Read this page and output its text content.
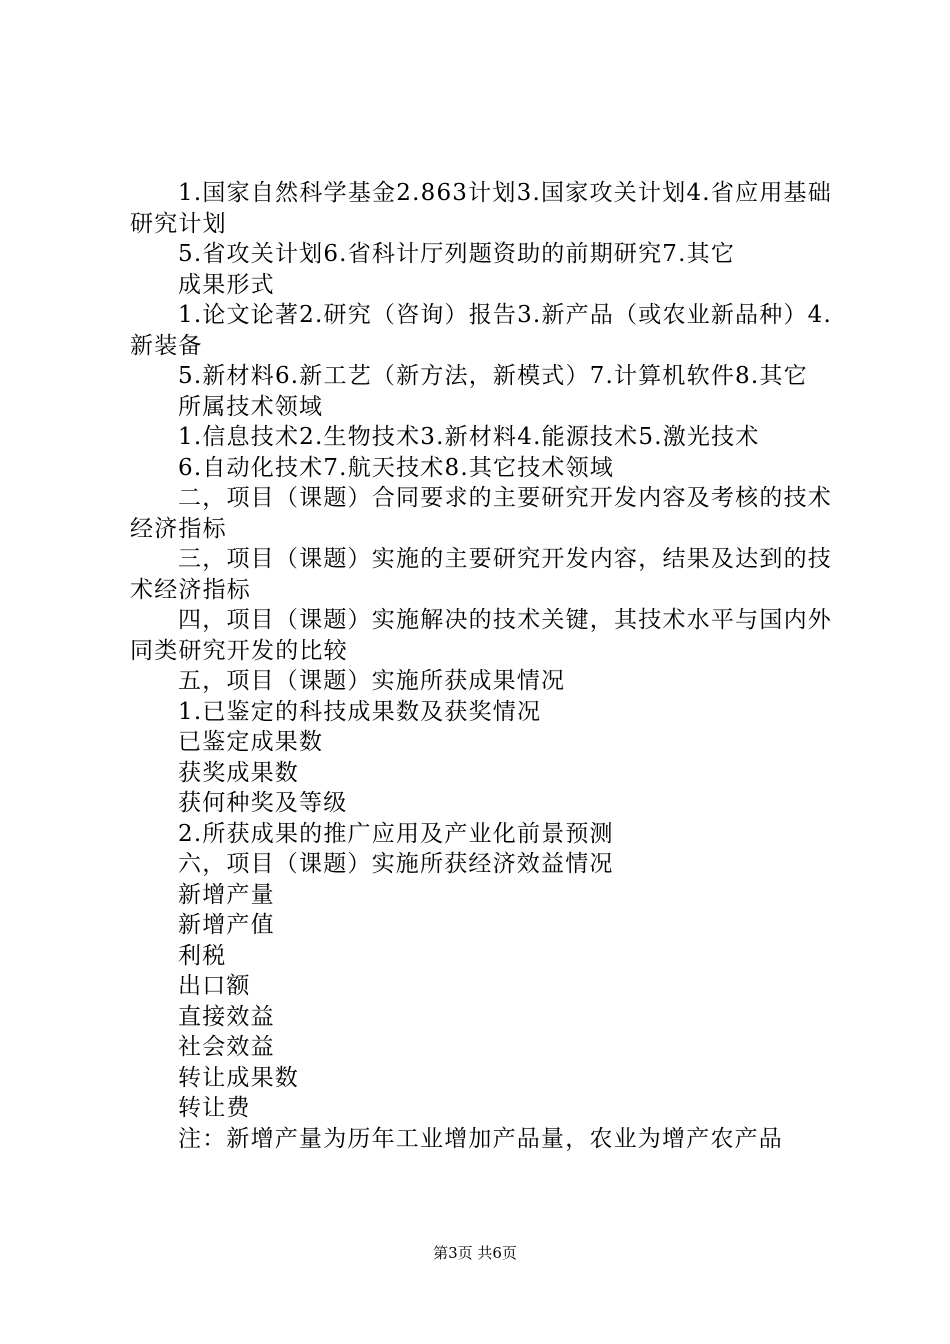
1.国家自然科学基金2.863计划3.国家攻关计划4.省应用基础研究计划

5.省攻关计划6.省科计厅列题资助的前期研究7.其它

成果形式

1.论文论著2.研究（咨询）报告3.新产品（或农业新品种）4.新装备

5.新材料6.新工艺（新方法，新模式）7.计算机软件8.其它

所属技术领域

1.信息技术2.生物技术3.新材料4.能源技术5.激光技术

6.自动化技术7.航天技术8.其它技术领域

二，项目（课题）合同要求的主要研究开发内容及考核的技术经济指标

三，项目（课题）实施的主要研究开发内容，结果及达到的技术经济指标

四，项目（课题）实施解决的技术关键，其技术水平与国内外同类研究开发的比较

五，项目（课题）实施所获成果情况

1.已鉴定的科技成果数及获奖情况

已鉴定成果数

获奖成果数

获何种奖及等级

2.所获成果的推广应用及产业化前景预测

六，项目（课题）实施所获经济效益情况

新增产量

新增产值

利税

出口额

直接效益

社会效益

转让成果数

转让费

注：新增产量为历年工业增加产品量，农业为增产农产品

第3页 共6页
